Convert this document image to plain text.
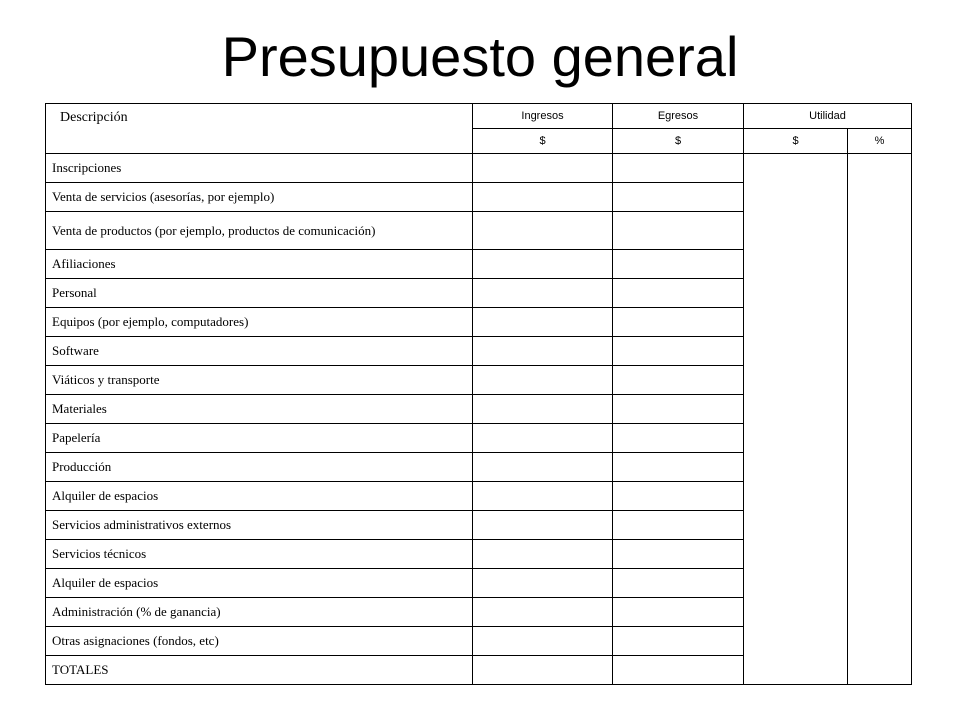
Presupuesto general
Descripción	Ingresos	Egresos	Utilidad	
	$	$	$	%
Inscripciones				
Venta de servicios (asesorías, por ejemplo)				
Venta de productos (por ejemplo, productos de comunicación)				
Afiliaciones				
Personal				
Equipos (por ejemplo, computadores)				
Software				
Viáticos y transporte				
Materiales				
Papelería				
Producción				
Alquiler de espacios				
Servicios administrativos externos				
Servicios técnicos				
Alquiler de espacios				
Administración (% de ganancia)				
Otras asignaciones (fondos, etc)				
TOTALES				
